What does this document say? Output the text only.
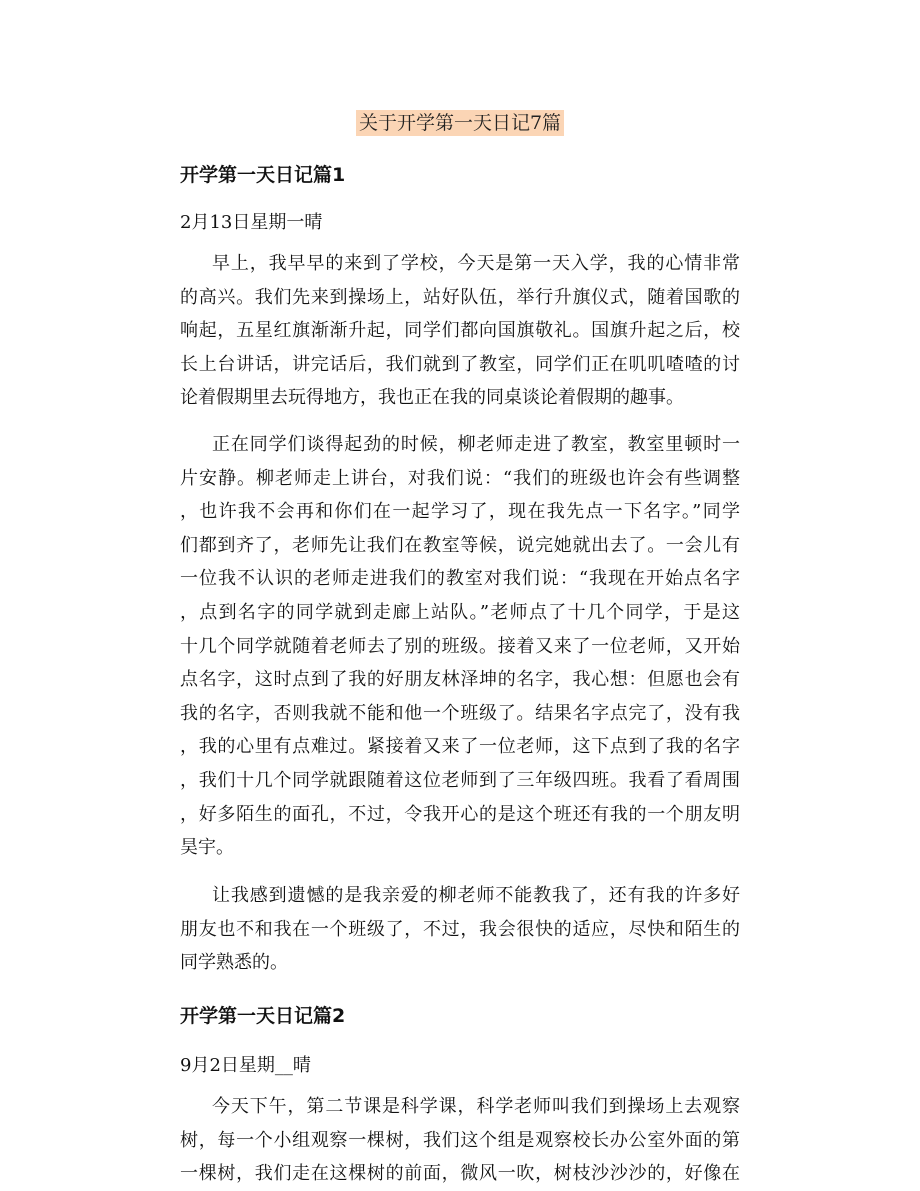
关于开学第一天日记7篇
开学第一天日记篇1
2月13日星期一晴
早上，我早早的来到了学校，今天是第一天入学，我的心情非常
的高兴。我们先来到操场上，站好队伍，举行升旗仪式，随着国歌的
响起，五星红旗渐渐升起，同学们都向国旗敬礼。国旗升起之后，校
长上台讲话，讲完话后，我们就到了教室，同学们正在叽叽喳喳的讨
论着假期里去玩得地方，我也正在我的同桌谈论着假期的趣事。
正在同学们谈得起劲的时候，柳老师走进了教室，教室里顿时一
片安静。柳老师走上讲台，对我们说：“我们的班级也许会有些调整
，也许我不会再和你们在一起学习了，现在我先点一下名字。”同学
们都到齐了，老师先让我们在教室等候，说完她就出去了。一会儿有
一位我不认识的老师走进我们的教室对我们说：“我现在开始点名字
，点到名字的同学就到走廊上站队。”老师点了十几个同学，于是这
十几个同学就随着老师去了别的班级。接着又来了一位老师，又开始
点名字，这时点到了我的好朋友林泽坤的名字，我心想：但愿也会有
我的名字，否则我就不能和他一个班级了。结果名字点完了，没有我
，我的心里有点难过。紧接着又来了一位老师，这下点到了我的名字
，我们十几个同学就跟随着这位老师到了三年级四班。我看了看周围
，好多陌生的面孔，不过，令我开心的是这个班还有我的一个朋友明
昊宇。
让我感到遗憾的是我亲爱的柳老师不能教我了，还有我的许多好
朋友也不和我在一个班级了，不过，我会很快的适应，尽快和陌生的
同学熟悉的。
开学第一天日记篇2
9月2日星期__晴
今天下午，第二节课是科学课，科学老师叫我们到操场上去观察
树，每一个小组观察一棵树，我们这个组是观察校长办公室外面的第
一棵树，我们走在这棵树的前面，微风一吹，树枝沙沙沙的，好像在
